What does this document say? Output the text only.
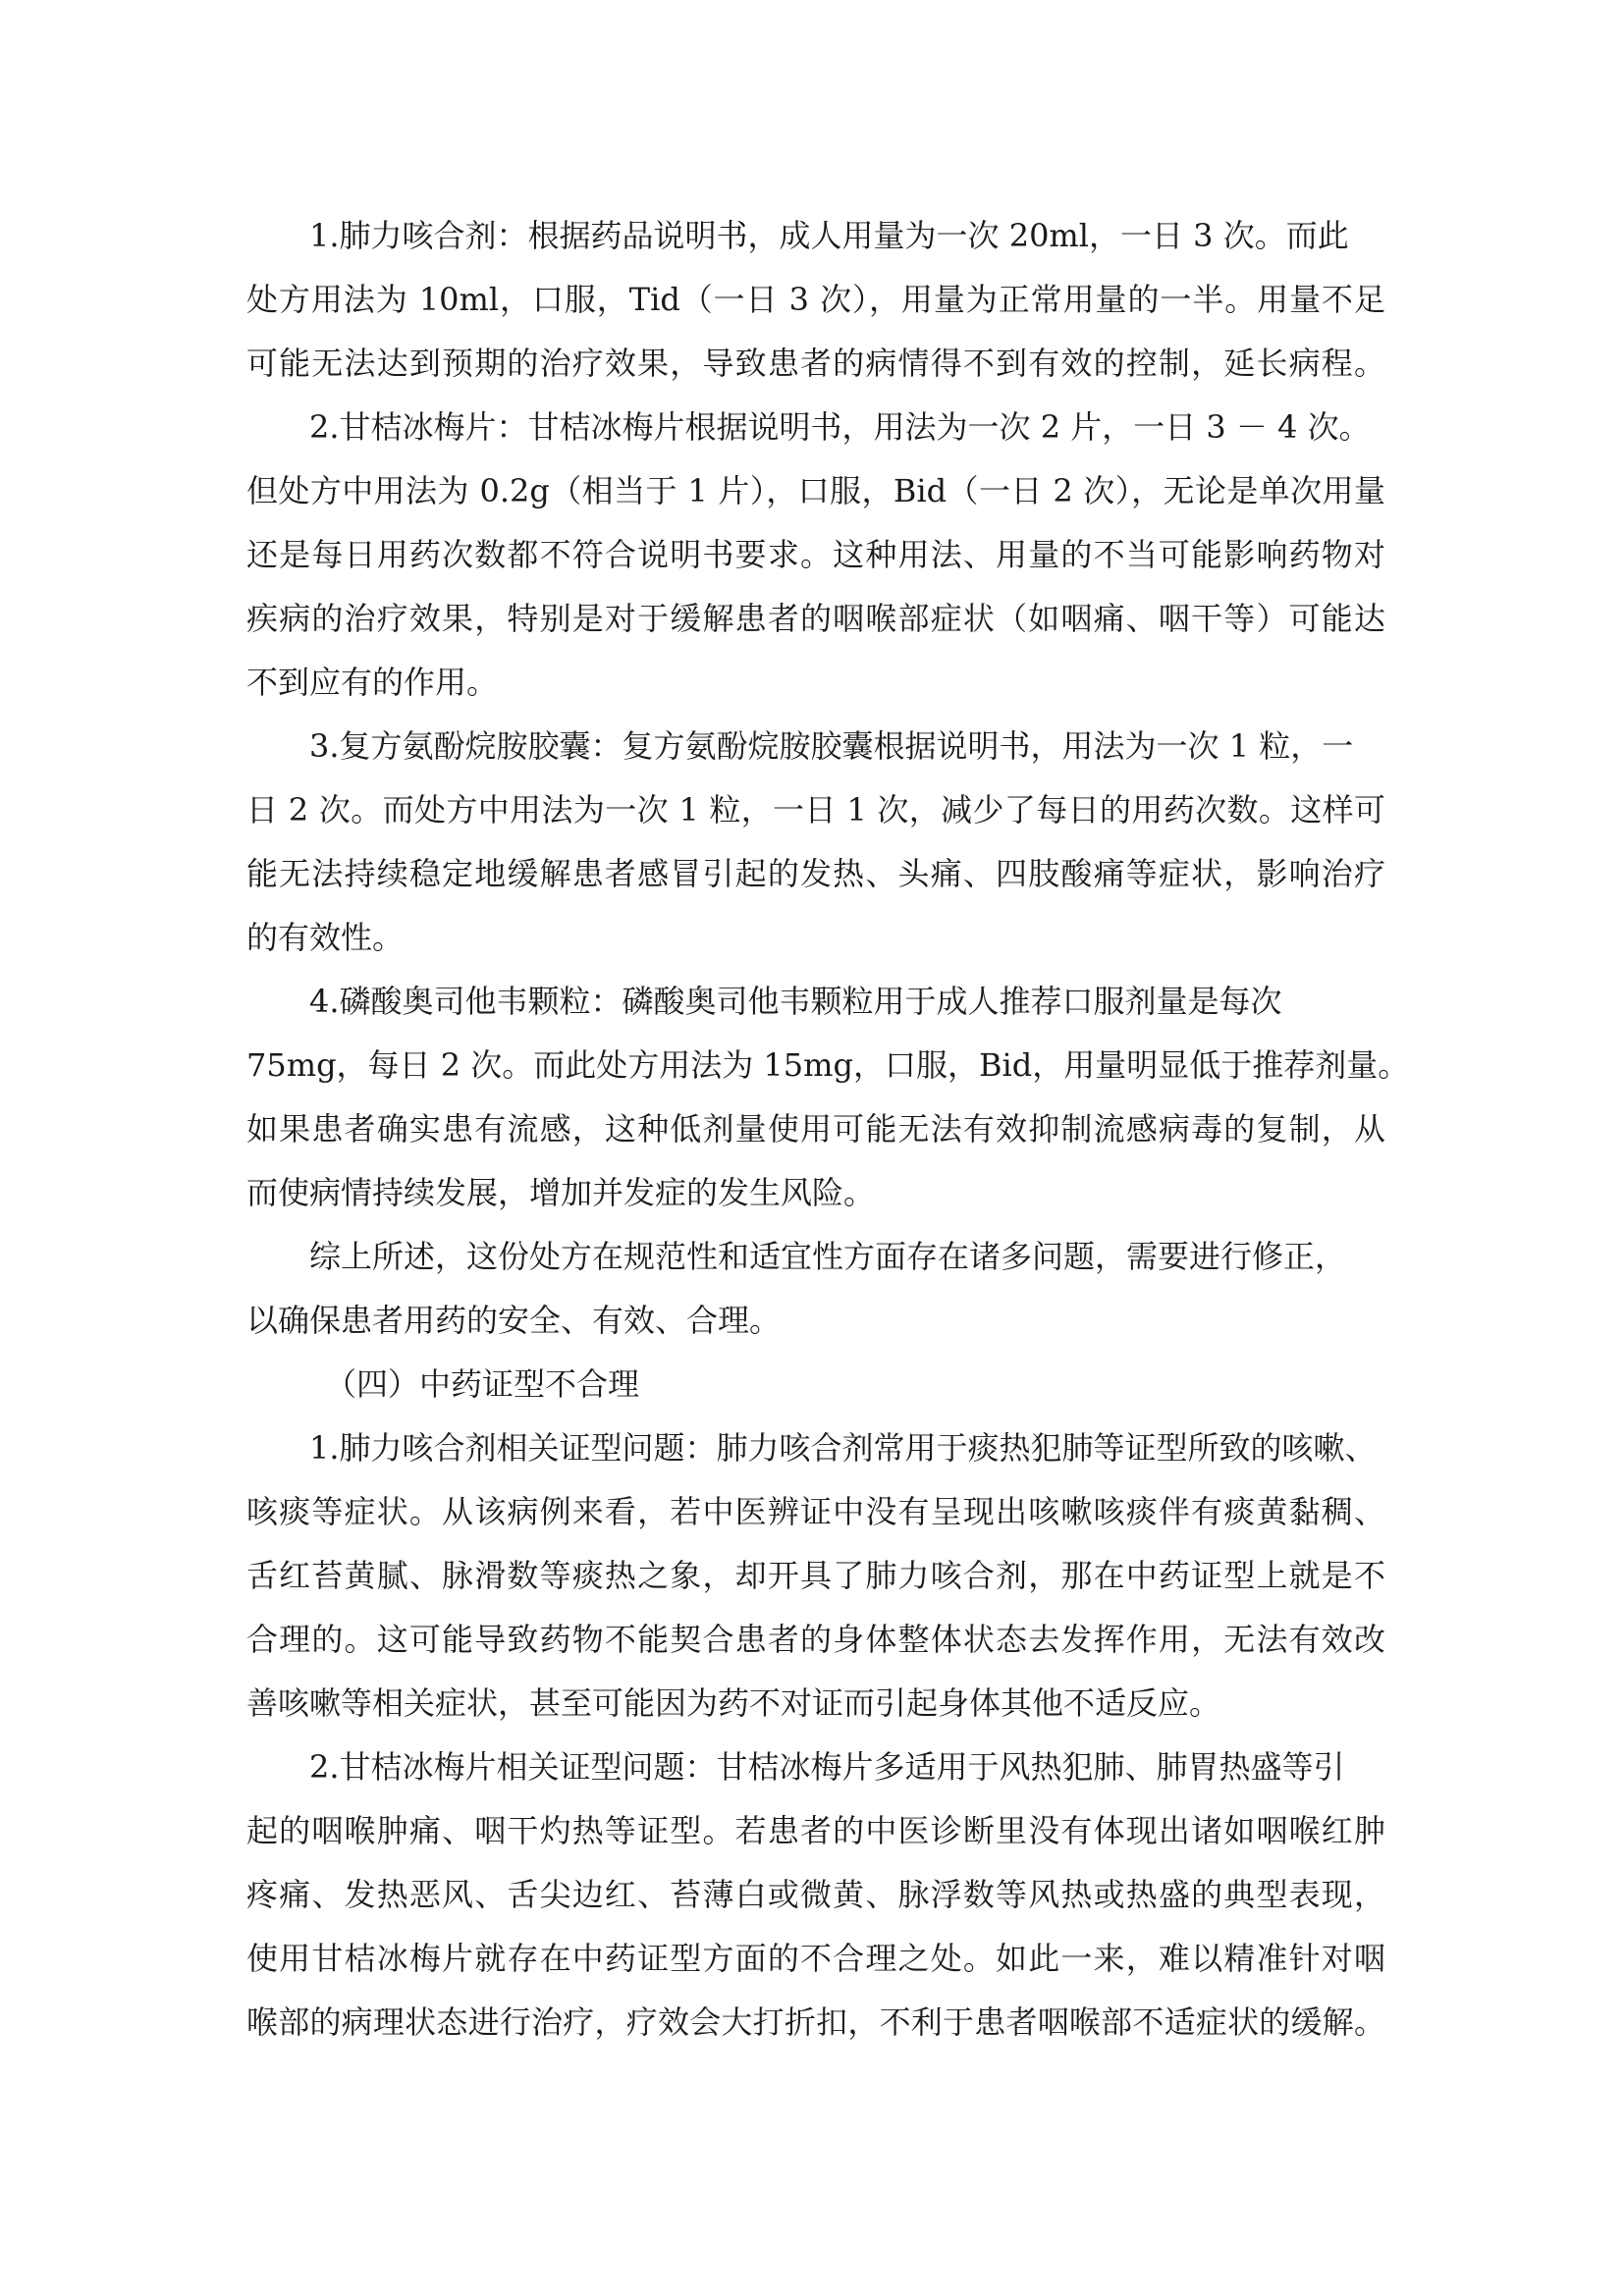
1.肺力咳合剂：根据药品说明书，成人用量为一次 20ml，一日 3 次。而此
处方用法为 10ml，口服，Tid（一日 3 次），用量为正常用量的一半。用量不足
可能无法达到预期的治疗效果，导致患者的病情得不到有效的控制，延长病程。
2.甘桔冰梅片：甘桔冰梅片根据说明书，用法为一次 2 片，一日 3 － 4 次。
但处方中用法为 0.2g（相当于 1 片），口服，Bid（一日 2 次），无论是单次用量
还是每日用药次数都不符合说明书要求。这种用法、用量的不当可能影响药物对
疾病的治疗效果，特别是对于缓解患者的咽喉部症状（如咽痛、咽干等）可能达
不到应有的作用。
3.复方氨酚烷胺胶囊：复方氨酚烷胺胶囊根据说明书，用法为一次 1 粒，一
日 2 次。而处方中用法为一次 1 粒，一日 1 次，减少了每日的用药次数。这样可
能无法持续稳定地缓解患者感冒引起的发热、头痛、四肢酸痛等症状，影响治疗
的有效性。
4.磷酸奥司他韦颗粒：磷酸奥司他韦颗粒用于成人推荐口服剂量是每次
75mg，每日 2 次。而此处方用法为 15mg，口服，Bid，用量明显低于推荐剂量。
如果患者确实患有流感，这种低剂量使用可能无法有效抑制流感病毒的复制，从
而使病情持续发展，增加并发症的发生风险。
综上所述，这份处方在规范性和适宜性方面存在诸多问题，需要进行修正，
以确保患者用药的安全、有效、合理。
（四）中药证型不合理
1.肺力咳合剂相关证型问题：肺力咳合剂常用于痰热犯肺等证型所致的咳嗽、
咳痰等症状。从该病例来看，若中医辨证中没有呈现出咳嗽咳痰伴有痰黄黏稠、
舌红苔黄腻、脉滑数等痰热之象，却开具了肺力咳合剂，那在中药证型上就是不
合理的。这可能导致药物不能契合患者的身体整体状态去发挥作用，无法有效改
善咳嗽等相关症状，甚至可能因为药不对证而引起身体其他不适反应。
2.甘桔冰梅片相关证型问题：甘桔冰梅片多适用于风热犯肺、肺胃热盛等引
起的咽喉肿痛、咽干灼热等证型。若患者的中医诊断里没有体现出诸如咽喉红肿
疼痛、发热恶风、舌尖边红、苔薄白或微黄、脉浮数等风热或热盛的典型表现，
使用甘桔冰梅片就存在中药证型方面的不合理之处。如此一来，难以精准针对咽
喉部的病理状态进行治疗，疗效会大打折扣，不利于患者咽喉部不适症状的缓解。
